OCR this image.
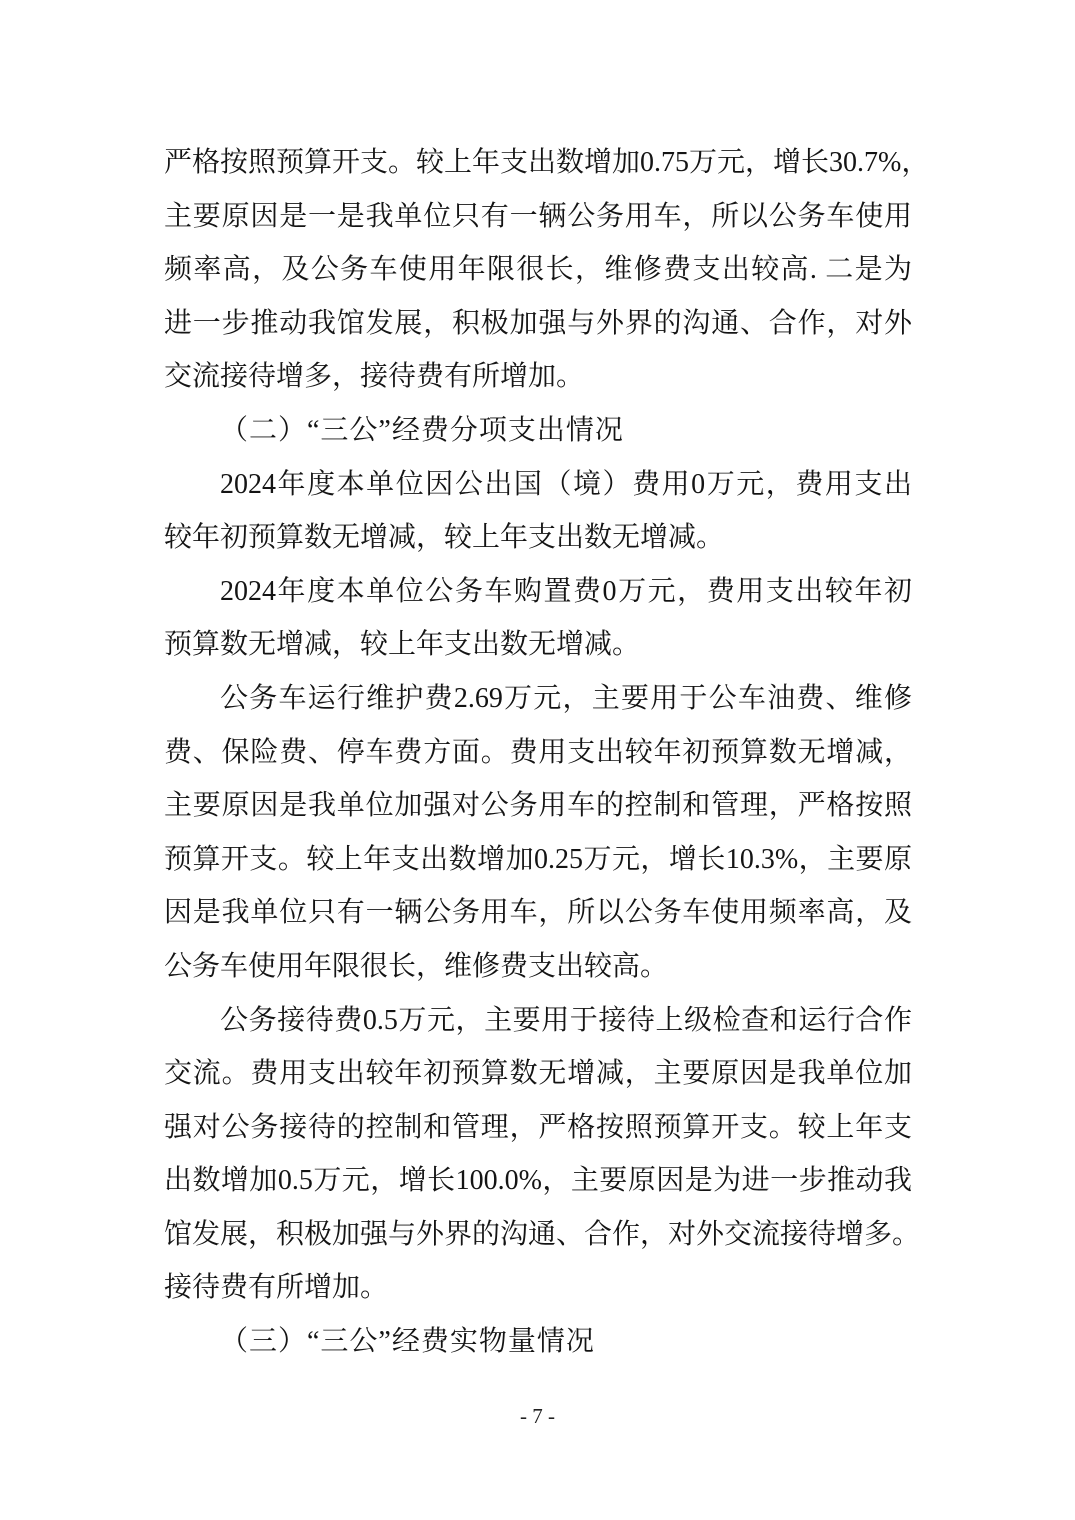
严格按照预算开支。较上年支出数增加0.75万元，增长30.7%，
主要原因是一是我单位只有一辆公务用车，所以公务车使用
频率高，及公务车使用年限很长，维修费支出较高. 二是为
进一步推动我馆发展，积极加强与外界的沟通、合作，对外
交流接待增多，接待费有所增加。
（二）“三公”经费分项支出情况
2024年度本单位因公出国（境）费用0万元，费用支出
较年初预算数无增减，较上年支出数无增减。
2024年度本单位公务车购置费0万元，费用支出较年初
预算数无增减，较上年支出数无增减。
公务车运行维护费2.69万元，主要用于公车油费、维修
费、保险费、停车费方面。费用支出较年初预算数无增减，
主要原因是我单位加强对公务用车的控制和管理，严格按照
预算开支。较上年支出数增加0.25万元，增长10.3%，主要原
因是我单位只有一辆公务用车，所以公务车使用频率高，及
公务车使用年限很长，维修费支出较高。
公务接待费0.5万元，主要用于接待上级检查和运行合作
交流。费用支出较年初预算数无增减，主要原因是我单位加
强对公务接待的控制和管理，严格按照预算开支。较上年支
出数增加0.5万元，增长100.0%，主要原因是为进一步推动我
馆发展，积极加强与外界的沟通、合作，对外交流接待增多。
接待费有所增加。
（三）“三公”经费实物量情况
- 7 -
